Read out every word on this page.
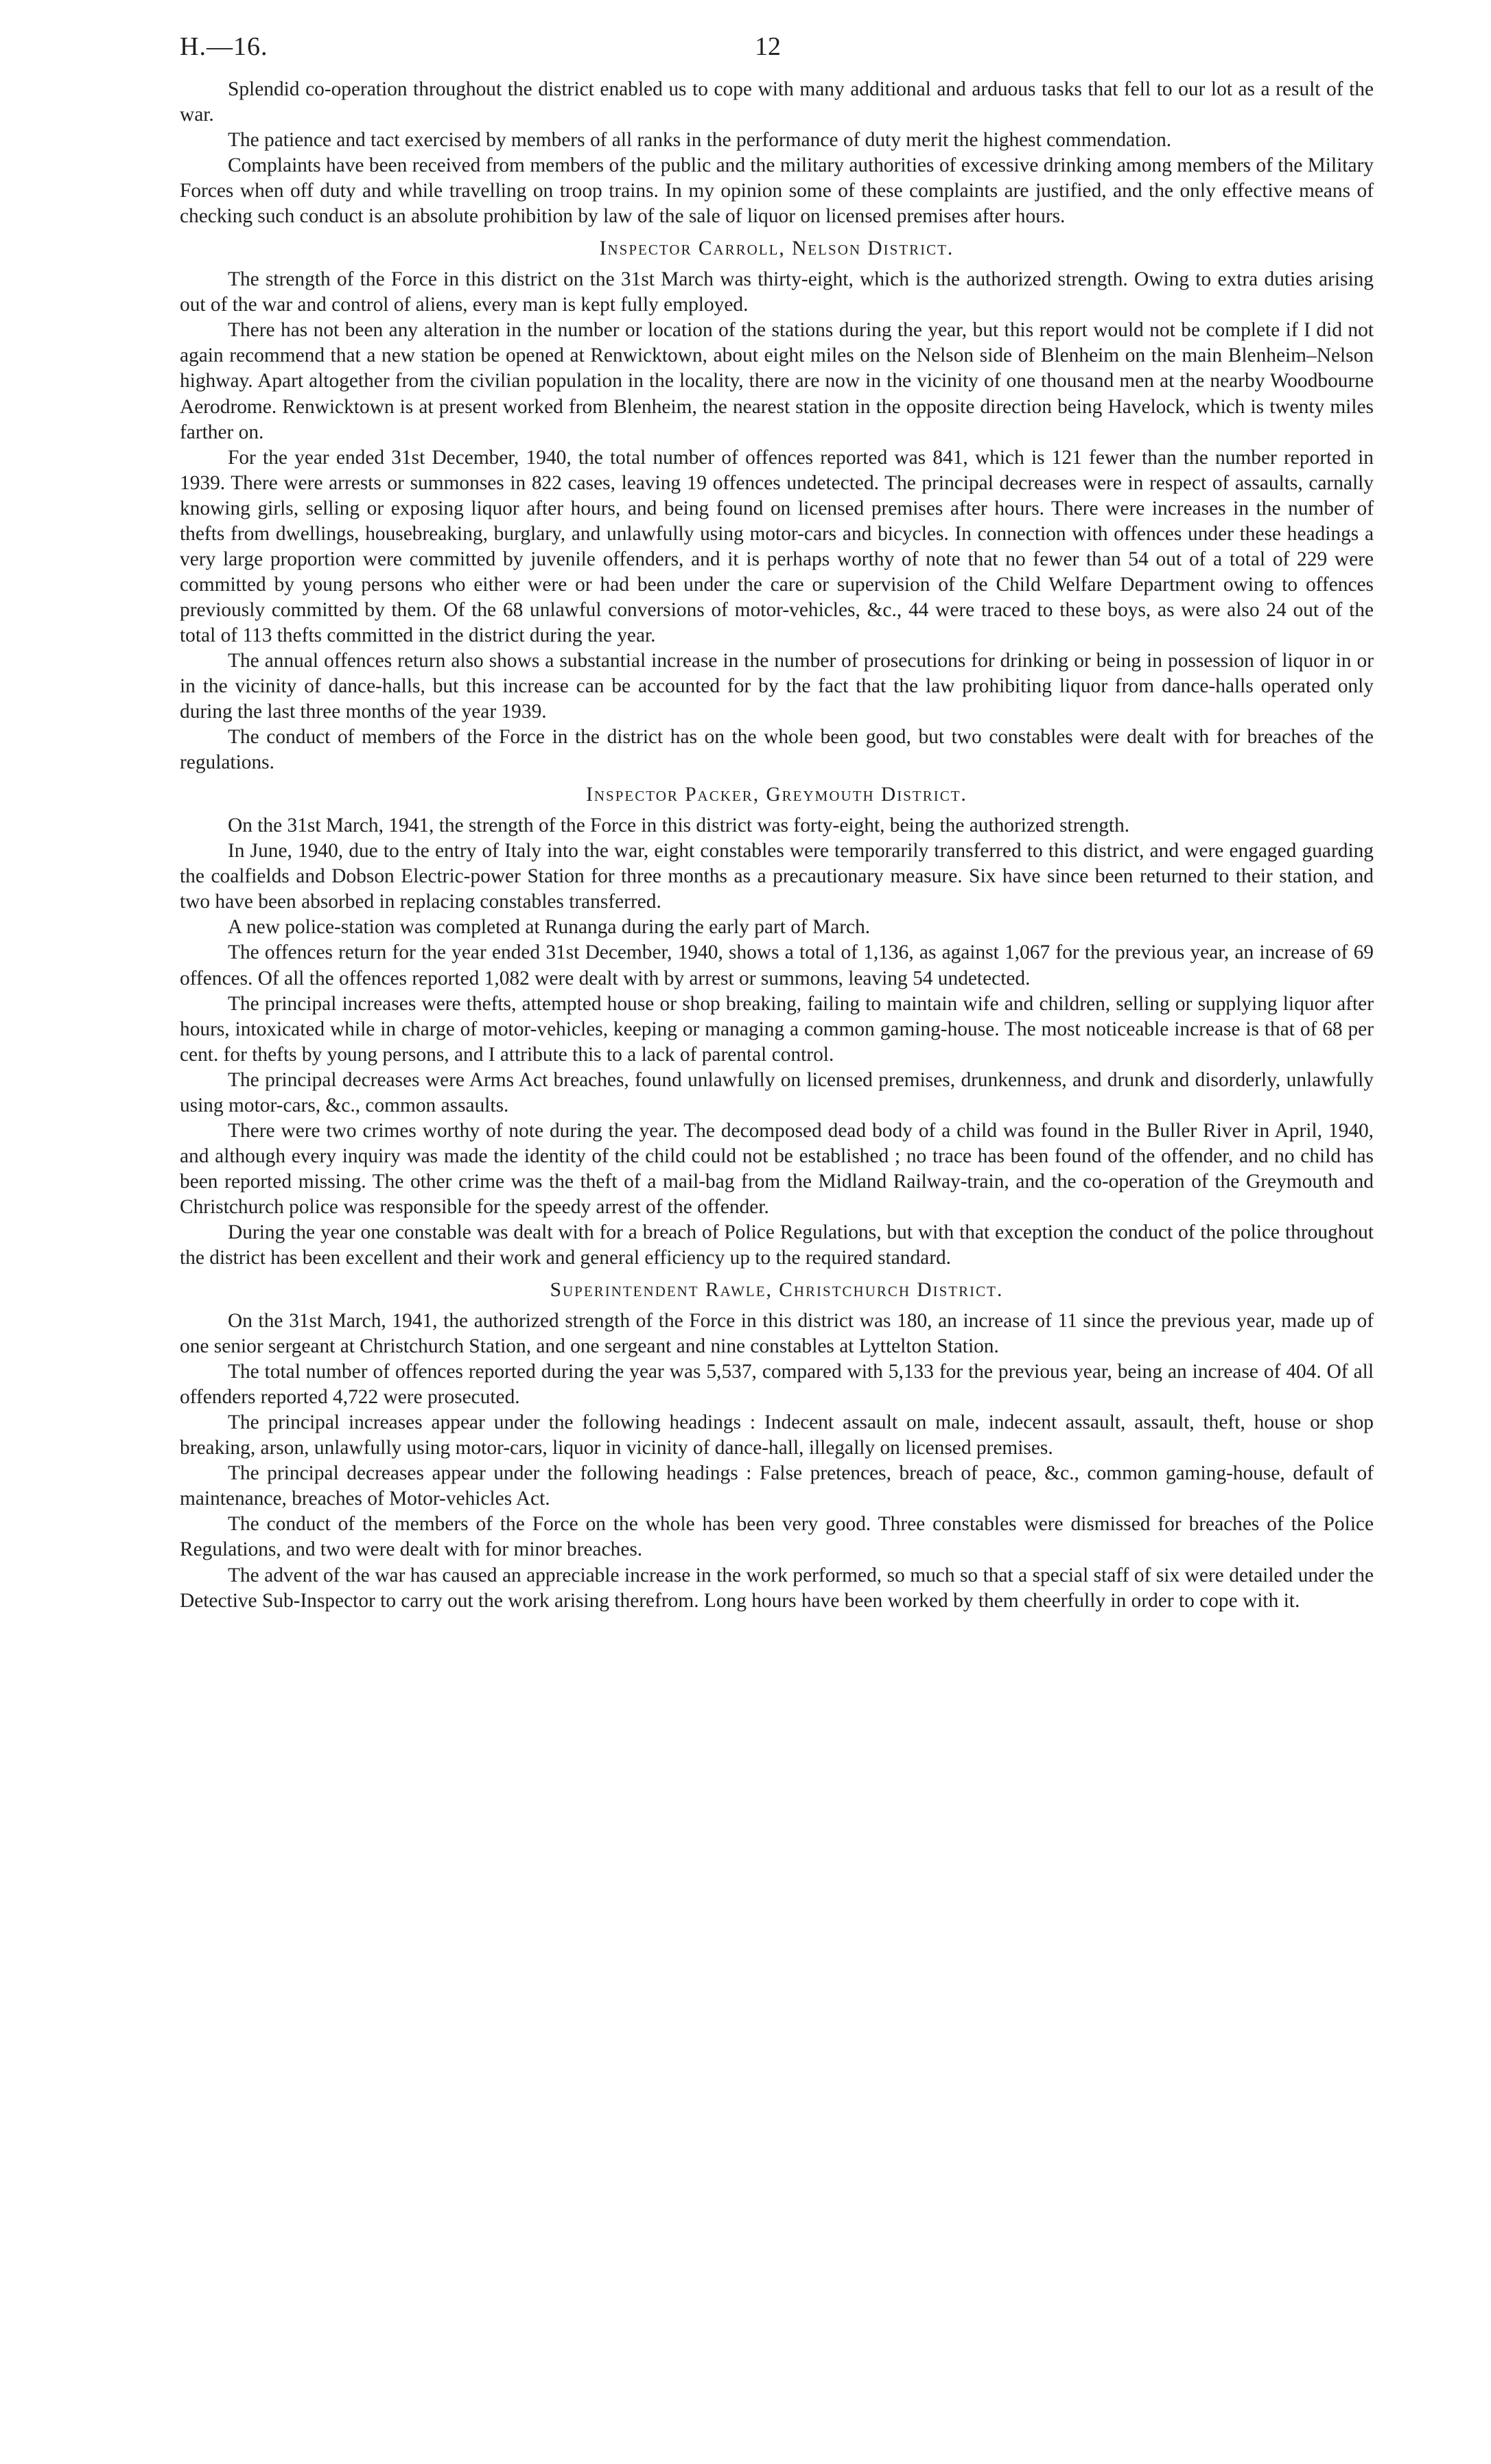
H.—16.	12

Splendid co-operation throughout the district enabled us to cope with many additional and arduous tasks that fell to our lot as a result of the war.

The patience and tact exercised by members of all ranks in the performance of duty merit the highest commendation.

Complaints have been received from members of the public and the military authorities of excessive drinking among members of the Military Forces when off duty and while travelling on troop trains. In my opinion some of these complaints are justified, and the only effective means of checking such conduct is an absolute prohibition by law of the sale of liquor on licensed premises after hours.

Inspector Carroll, Nelson District.

The strength of the Force in this district on the 31st March was thirty-eight, which is the authorized strength. Owing to extra duties arising out of the war and control of aliens, every man is kept fully employed.

There has not been any alteration in the number or location of the stations during the year, but this report would not be complete if I did not again recommend that a new station be opened at Renwicktown, about eight miles on the Nelson side of Blenheim on the main Blenheim–Nelson highway. Apart altogether from the civilian population in the locality, there are now in the vicinity of one thousand men at the nearby Woodbourne Aerodrome. Renwicktown is at present worked from Blenheim, the nearest station in the opposite direction being Havelock, which is twenty miles farther on.

For the year ended 31st December, 1940, the total number of offences reported was 841, which is 121 fewer than the number reported in 1939. There were arrests or summonses in 822 cases, leaving 19 offences undetected. The principal decreases were in respect of assaults, carnally knowing girls, selling or exposing liquor after hours, and being found on licensed premises after hours. There were increases in the number of thefts from dwellings, housebreaking, burglary, and unlawfully using motor-cars and bicycles. In connection with offences under these headings a very large proportion were committed by juvenile offenders, and it is perhaps worthy of note that no fewer than 54 out of a total of 229 were committed by young persons who either were or had been under the care or supervision of the Child Welfare Department owing to offences previously committed by them. Of the 68 unlawful conversions of motor-vehicles, &c., 44 were traced to these boys, as were also 24 out of the total of 113 thefts committed in the district during the year.

The annual offences return also shows a substantial increase in the number of prosecutions for drinking or being in possession of liquor in or in the vicinity of dance-halls, but this increase can be accounted for by the fact that the law prohibiting liquor from dance-halls operated only during the last three months of the year 1939.

The conduct of members of the Force in the district has on the whole been good, but two constables were dealt with for breaches of the regulations.

Inspector Packer, Greymouth District.

On the 31st March, 1941, the strength of the Force in this district was forty-eight, being the authorized strength.

In June, 1940, due to the entry of Italy into the war, eight constables were temporarily transferred to this district, and were engaged guarding the coalfields and Dobson Electric-power Station for three months as a precautionary measure. Six have since been returned to their station, and two have been absorbed in replacing constables transferred.

A new police-station was completed at Runanga during the early part of March.

The offences return for the year ended 31st December, 1940, shows a total of 1,136, as against 1,067 for the previous year, an increase of 69 offences. Of all the offences reported 1,082 were dealt with by arrest or summons, leaving 54 undetected.

The principal increases were thefts, attempted house or shop breaking, failing to maintain wife and children, selling or supplying liquor after hours, intoxicated while in charge of motor-vehicles, keeping or managing a common gaming-house. The most noticeable increase is that of 68 per cent. for thefts by young persons, and I attribute this to a lack of parental control.

The principal decreases were Arms Act breaches, found unlawfully on licensed premises, drunkenness, and drunk and disorderly, unlawfully using motor-cars, &c., common assaults.

There were two crimes worthy of note during the year. The decomposed dead body of a child was found in the Buller River in April, 1940, and although every inquiry was made the identity of the child could not be established ; no trace has been found of the offender, and no child has been reported missing. The other crime was the theft of a mail-bag from the Midland Railway-train, and the co-operation of the Greymouth and Christchurch police was responsible for the speedy arrest of the offender.

During the year one constable was dealt with for a breach of Police Regulations, but with that exception the conduct of the police throughout the district has been excellent and their work and general efficiency up to the required standard.

Superintendent Rawle, Christchurch District.

On the 31st March, 1941, the authorized strength of the Force in this district was 180, an increase of 11 since the previous year, made up of one senior sergeant at Christchurch Station, and one sergeant and nine constables at Lyttelton Station.

The total number of offences reported during the year was 5,537, compared with 5,133 for the previous year, being an increase of 404. Of all offenders reported 4,722 were prosecuted.

The principal increases appear under the following headings : Indecent assault on male, indecent assault, assault, theft, house or shop breaking, arson, unlawfully using motor-cars, liquor in vicinity of dance-hall, illegally on licensed premises.

The principal decreases appear under the following headings : False pretences, breach of peace, &c., common gaming-house, default of maintenance, breaches of Motor-vehicles Act.

The conduct of the members of the Force on the whole has been very good. Three constables were dismissed for breaches of the Police Regulations, and two were dealt with for minor breaches.

The advent of the war has caused an appreciable increase in the work performed, so much so that a special staff of six were detailed under the Detective Sub-Inspector to carry out the work arising therefrom. Long hours have been worked by them cheerfully in order to cope with it.
